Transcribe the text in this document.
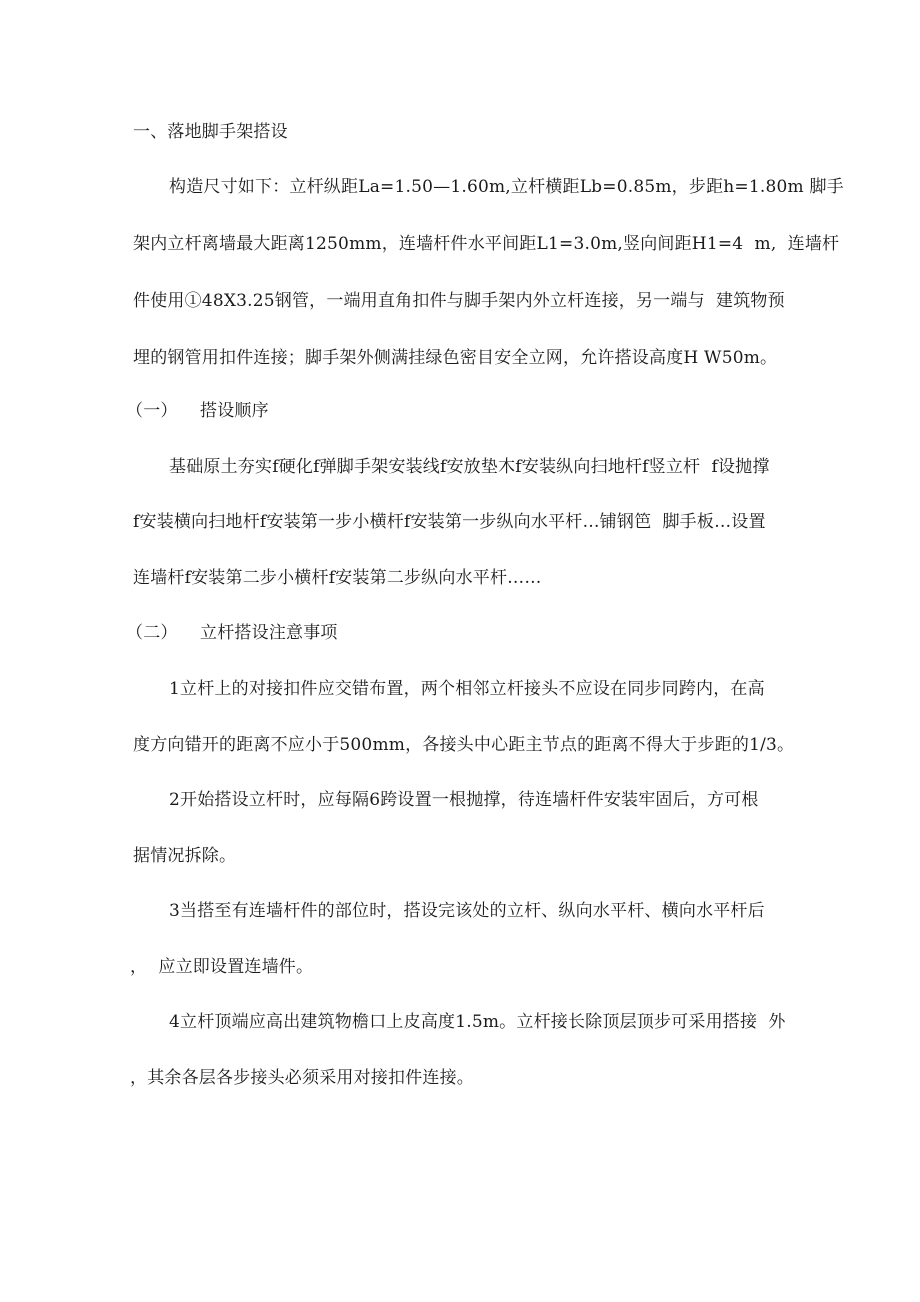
一、落地脚手架搭设
构造尺寸如下：立杆纵距La=1.50—1.60m,立杆横距Lb=0.85m，步距h=1.80m 脚手
架内立杆离墙最大距离1250mm，连墙杆件水平间距L1=3.0m,竖向间距H1=4  m,  连墙杆
件使用①48X3.25钢管，一端用直角扣件与脚手架内外立杆连接，另一端与  建筑物预
埋的钢管用扣件连接；脚手架外侧满挂绿色密目安全立网，允许搭设高度H W50m。
（一）    搭设顺序
基础原土夯实f硬化f弹脚手架安装线f安放垫木f安装纵向扫地杆f竖立杆  f设抛撑
f安装横向扫地杆f安装第一步小横杆f安装第一步纵向水平杆…铺钢笆  脚手板…设置
连墙杆f安装第二步小横杆f安装第二步纵向水平杆……
（二）    立杆搭设注意事项
1立杆上的对接扣件应交错布置，两个相邻立杆接头不应设在同步同跨内，在高
度方向错开的距离不应小于500mm，各接头中心距主节点的距离不得大于步距的1/3。
2开始搭设立杆时，应每隔6跨设置一根抛撑，待连墙杆件安装牢固后，方可根
据情况拆除。
3当搭至有连墙杆件的部位时，搭设完该处的立杆、纵向水平杆、横向水平杆后
，  应立即设置连墙件。
4立杆顶端应高出建筑物檐口上皮高度1.5m。立杆接长除顶层顶步可采用搭接  外
，其余各层各步接头必须采用对接扣件连接。
